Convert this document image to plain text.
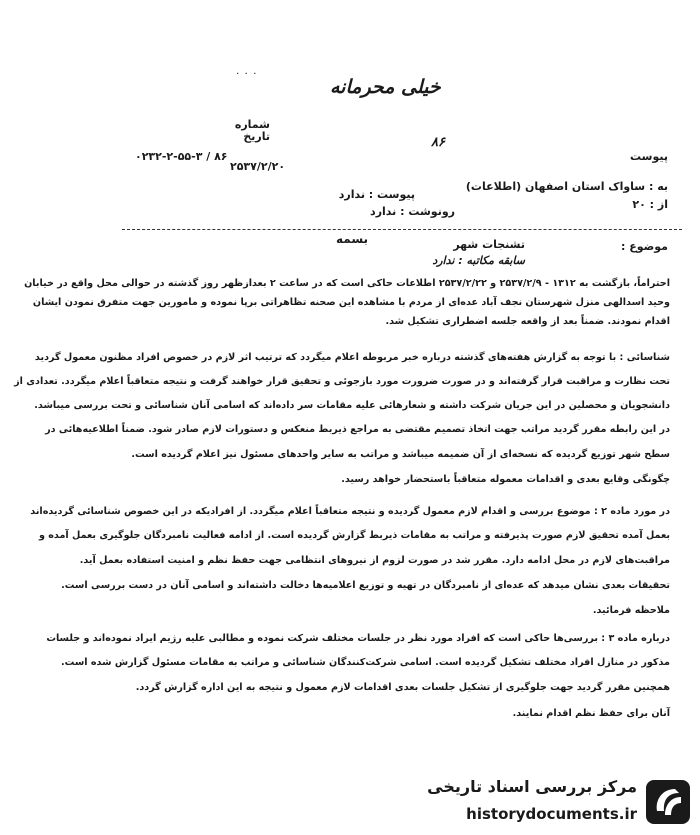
۰ ۰ ۰
خیلی محرمانه
شماره
تاریخ	۸۶
پیوست
۰۲۳۲-۲-۵۵-۳ / ۸۶
۲۵۳۷/۲/۲۰
به : ساواک استان اصفهان (اطلاعات)
پیوست : ندارد
از : ۲۰
رونوشت : ندارد
بسمه
موضوع :
تشنجات شهر
سابقه مکاتبه : ندارد
احتراماً، بازگشت به ۱۳۱۲ - ۲۵۳۷/۲/۹ و ۲۵۳۷/۲/۲۲ اطلاعات حاکی است که در ساعت ۲ بعدازظهر روز گذشته در حوالی محل واقع در خیابان
وحید اسدالهی منزل شهرستان نجف آباد عده‌ای از مردم با مشاهده این صحنه تظاهراتی برپا نموده و مامورین جهت متفرق نمودن ایشان
اقدام نمودند. ضمناً بعد از واقعه جلسه اضطراری تشکیل شد.
شناسائی : با توجه به گزارش هفته‌های گذشته درباره خبر مربوطه اعلام میگردد که ترتیب اثر لازم در خصوص افراد مظنون معمول گردید
تحت نظارت و مراقبت قرار گرفته‌اند و در صورت ضرورت مورد بازجوئی و تحقیق قرار خواهند گرفت و نتیجه متعاقباً اعلام میگردد. تعدادی از
دانشجویان و محصلین در این جریان شرکت داشته و شعارهائی علیه مقامات سر داده‌اند که اسامی آنان شناسائی و تحت بررسی میباشد.
در این رابطه مقرر گردید مراتب جهت اتخاذ تصمیم مقتضی به مراجع ذیربط منعکس و دستورات لازم صادر شود. ضمناً اطلاعیه‌هائی در
سطح شهر توزیع گردیده که نسخه‌ای از آن ضمیمه میباشد و مراتب به سایر واحدهای مسئول نیز اعلام گردیده است.
چگونگی وقایع بعدی و اقدامات معموله متعاقباً باستحضار خواهد رسید.
در مورد ماده ۲ : موضوع بررسی و اقدام لازم معمول گردیده و نتیجه متعاقباً اعلام میگردد. از افرادیکه در این خصوص شناسائی گردیده‌اند
بعمل آمده تحقیق لازم صورت پذیرفته و مراتب به مقامات ذیربط گزارش گردیده است. از ادامه فعالیت نامبردگان جلوگیری بعمل آمده و
مراقبت‌های لازم در محل ادامه دارد. مقرر شد در صورت لزوم از نیروهای انتظامی جهت حفظ نظم و امنیت استفاده بعمل آید.
تحقیقات بعدی نشان میدهد که عده‌ای از نامبردگان در تهیه و توزیع اعلامیه‌ها دخالت داشته‌اند و اسامی آنان در دست بررسی است.
ملاحظه فرمائید.
درباره ماده ۳ : بررسی‌ها حاکی است که افراد مورد نظر در جلسات مختلف شرکت نموده و مطالبی علیه رژیم ایراد نموده‌اند و جلسات
مذکور در منازل افراد مختلف تشکیل گردیده است. اسامی شرکت‌کنندگان شناسائی و مراتب به مقامات مسئول گزارش شده است.
همچنین مقرر گردید جهت جلوگیری از تشکیل جلسات بعدی اقدامات لازم معمول و نتیجه به این اداره گزارش گردد.
آنان برای حفظ نظم اقدام نمایند.
مرکز بررسی اسناد تاریخی
historydocuments.ir
